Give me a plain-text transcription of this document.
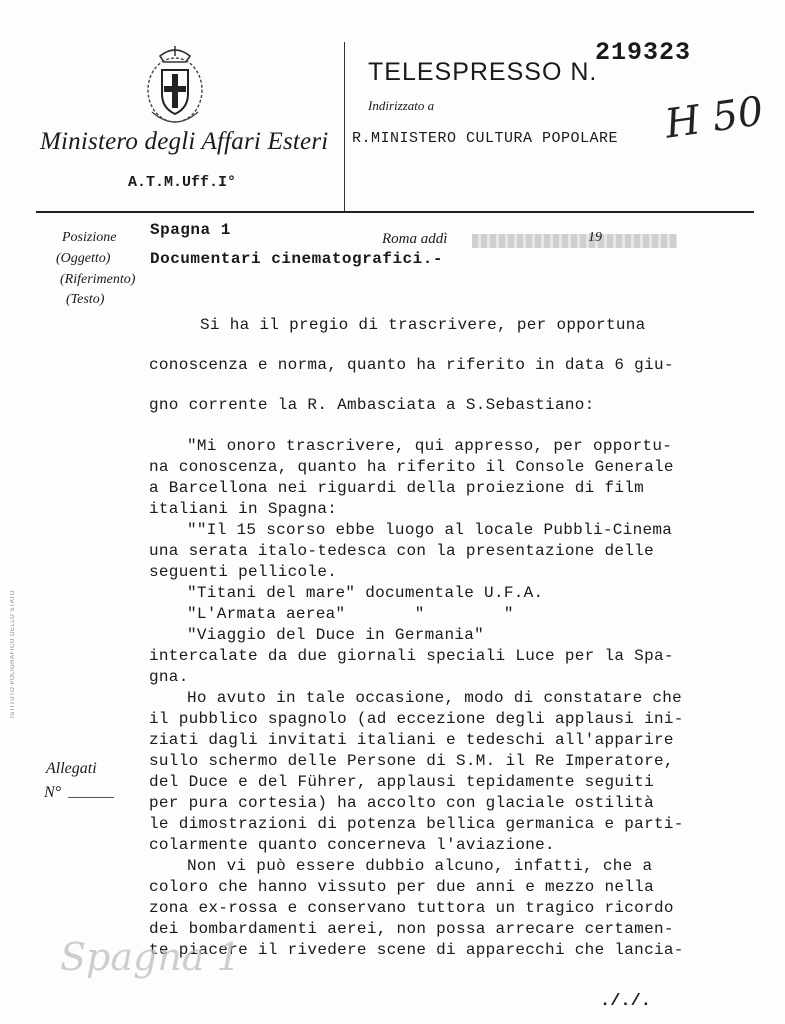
Ministero degli Affari Esteri
A.T.M.Uff.I°
TELESPRESSO N.
219323
Indirizzato a
R.MINISTERO CULTURA POPOLARE H 50
Posizione Spagna 1	Roma addì	19
(Oggetto) Documentari cinematografici.-
(Riferimento)
(Testo)
Si ha il pregio di trascrivere, per opportuna
conoscenza e norma, quanto ha riferito in data 6 giu-
gno corrente la R. Ambasciata a S.Sebastiano:
"Mi onoro trascrivere, qui appresso, per opportu-
na conoscenza, quanto ha riferito il Console Generale
a Barcellona nei riguardi della proiezione di film
italiani in Spagna:
""Il 15 scorso ebbe luogo al locale Pubbli-Cinema
una serata italo-tedesca con la presentazione delle
seguenti pellicole.
"Titani del mare" documentale U.F.A.
"L'Armata aerea"       "        "
"Viaggio del Duce in Germania"
intercalate da due giornali speciali Luce per la Spa-
gna.
Ho avuto in tale occasione, modo di constatare che
il pubblico spagnolo (ad eccezione degli applausi ini-
ziati dagli invitati italiani e tedeschi all'apparire
sullo schermo delle Persone di S.M. il Re Imperatore,
del Duce e del Führer, applausi tepidamente seguiti
per pura cortesia) ha accolto con glaciale ostilità
le dimostrazioni di potenza bellica germanica e parti-
colarmente quanto concerneva l'aviazione.
Non vi può essere dubbio alcuno, infatti, che a
coloro che hanno vissuto per due anni e mezzo nella
zona ex-rossa e conservano tuttora un tragico ricordo
dei bombardamenti aerei, non possa arrecare certamen-
te piacere il rivedere scene di apparecchi che lancia-
Allegati
N°
ISTITUTO POLIGRAFICO DELLO STATO
Spagna 1
././.
